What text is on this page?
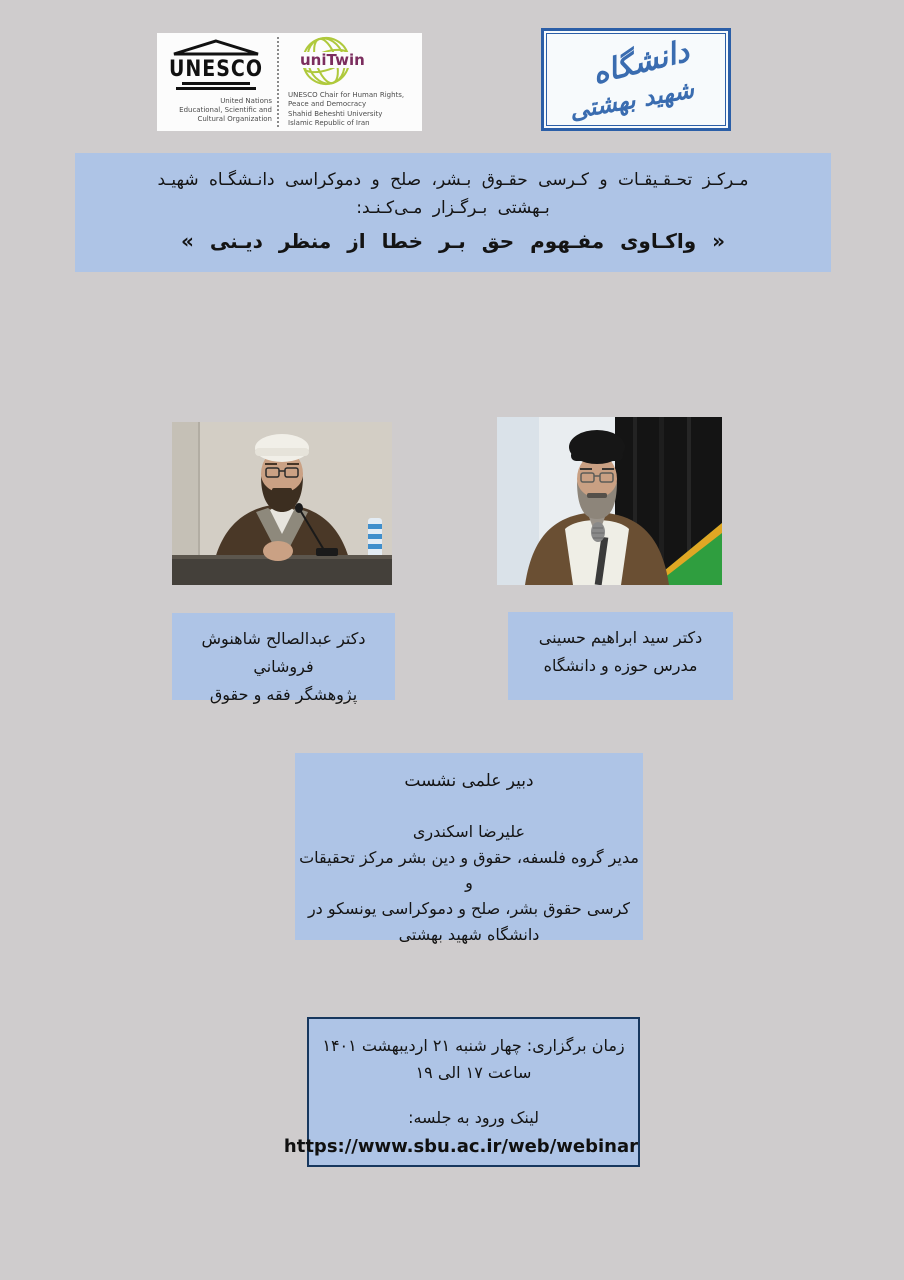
UNESCO
United Nations
Educational, Scientific and
Cultural Organization
uniTwin
UNESCO Chair for Human Rights,
Peace and Democracy
Shahid Beheshti University
Islamic Republic of Iran
دانشگاه
شهید بهشتی
مـرکـز تحـقـیقـات و کـرسی حقـوق بـشر، صلح و دموکراسی دانـشگـاه شهیـد
بـهشتی بـرگـزار مـی‌کـنـد:
« واکـاوی مفـهوم حق بـر خطا از منظر دیـنی »
دکتر عبدالصالح شاهنوش فروشاني
پژوهشگر فقه و حقوق
دکتر سید ابراهیم حسینی
مدرس حوزه و دانشگاه
دبیر علمی نشست
علیرضا اسکندری
مدیر گروه فلسفه، حقوق و دین بشر مرکز تحقیقات و
کرسی حقوق بشر، صلح و دموکراسی یونسکو در
دانشگاه شهید بهشتی
زمان برگزاری: چهار شنبه ۲۱ اردیبهشت ۱۴۰۱
ساعت ۱۷ الی ۱۹
لینک ورود به جلسه:
https://www.sbu.ac.ir/web/webinar
